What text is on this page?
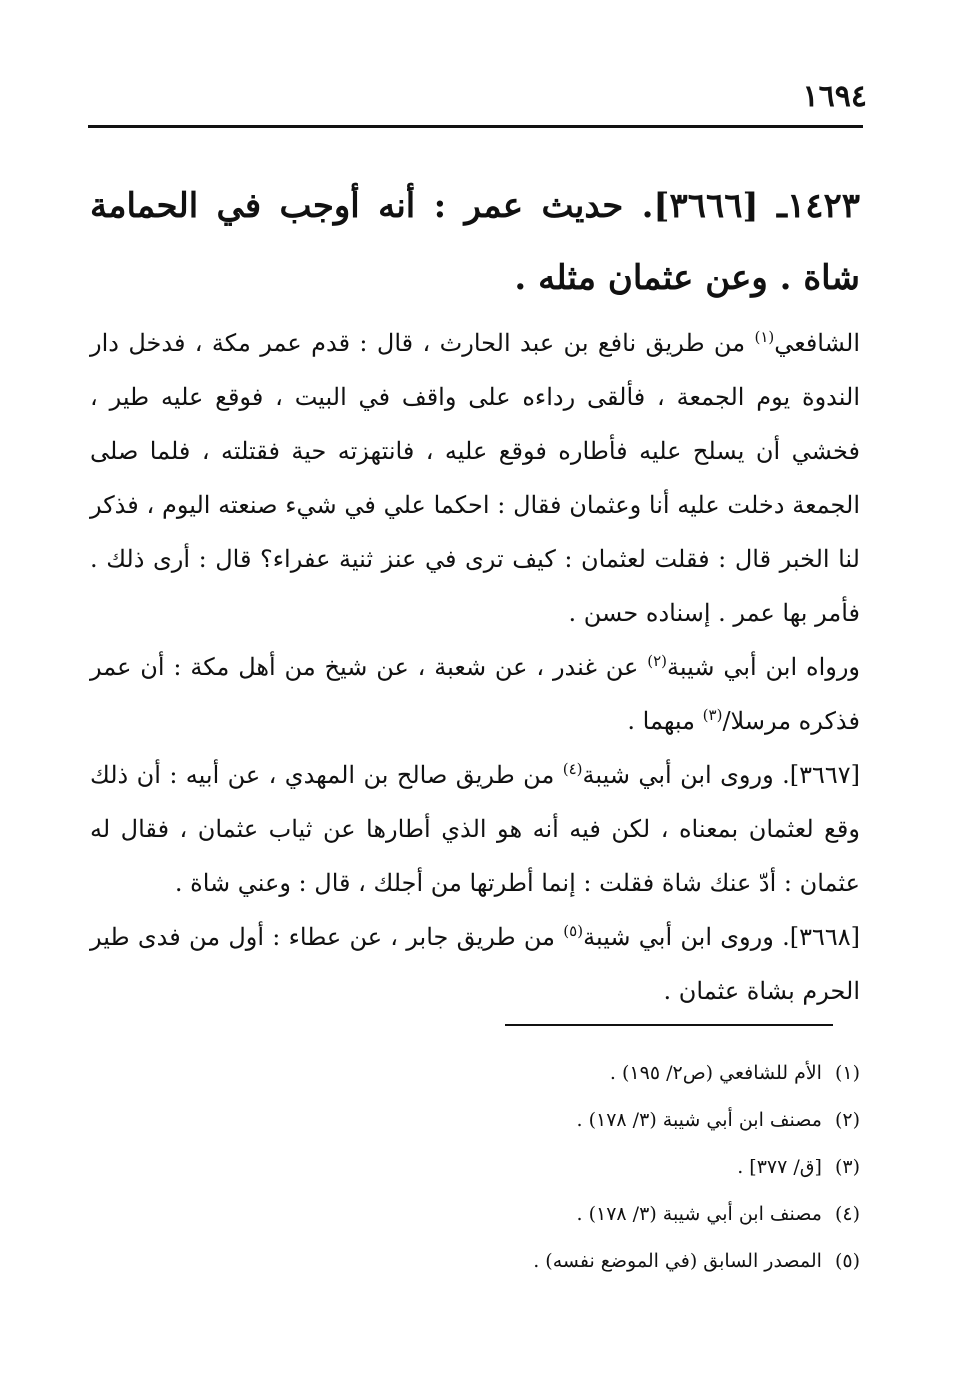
١٦٩٤

١٤٢٣ـ [٣٦٦٦]. حديث عمر : أنه أوجب في الحمامة شاة . وعن عثمان مثله .

الشافعي$^{(١)}$ من طريق نافع بن عبد الحارث ، قال : قدم عمر مكة ، فدخل دار الندوة يوم الجمعة ، فألقى رداءه على واقف في البيت ، فوقع عليه طير ، فخشي أن يسلح عليه فأطاره فوقع عليه ، فانتهزته حية فقتلته ، فلما صلى الجمعة دخلت عليه أنا وعثمان فقال : احكما علي في شيء صنعته اليوم ، فذكر لنا الخبر قال : فقلت لعثمان : كيف ترى في عنز ثنية عفراء؟ قال : أرى ذلك . فأمر بها عمر . إسناده حسن .

ورواه ابن أبي شيبة$^{(٢)}$ عن غندر ، عن شعبة ، عن شيخ من أهل مكة : أن عمر فذكره مرسلا/$^{(٣)}$ مبهما .

[٣٦٦٧]. وروى ابن أبي شيبة$^{(٤)}$ من طريق صالح بن المهدي ، عن أبيه : أن ذلك وقع لعثمان بمعناه ، لكن فيه أنه هو الذي أطارها عن ثياب عثمان ، فقال له عثمان : أدّ عنك شاة فقلت : إنما أطرتها من أجلك ، قال : وعني شاة .

[٣٦٦٨]. وروى ابن أبي شيبة$^{(٥)}$ من طريق جابر ، عن عطاء : أول من فدى طير الحرم بشاة عثمان .

(١) الأم للشافعي (ص٢/ ١٩٥) .
(٢) مصنف ابن أبي شيبة (٣/ ١٧٨) .
(٣) [ق/ ٣٧٧] .
(٤) مصنف ابن أبي شيبة (٣/ ١٧٨) .
(٥) المصدر السابق (في الموضع نفسه) .
